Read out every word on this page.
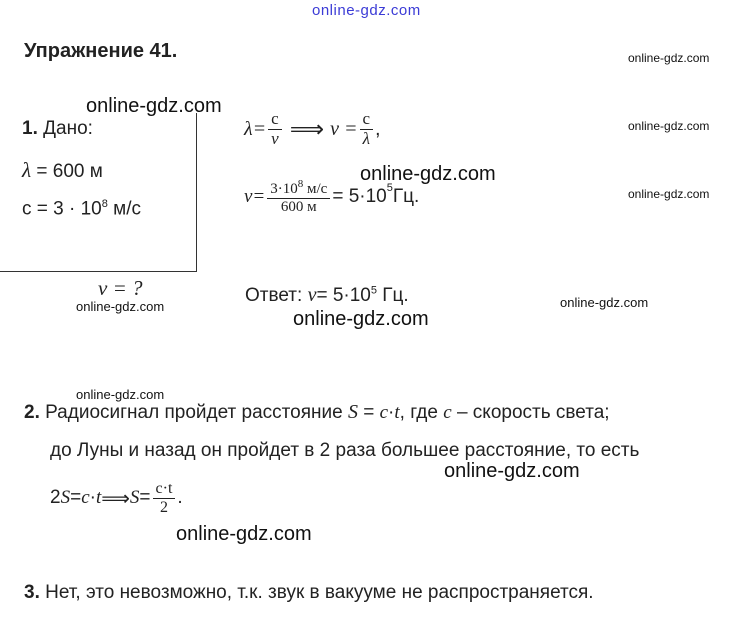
online-gdz.com
online-gdz.com
online-gdz.com
online-gdz.com
online-gdz.com
online-gdz.com
online-gdz.com	online-gdz.com
online-gdz.com
online-gdz.com
online-gdz.com
online-gdz.com
Упражнение 41.
1. Дано:
λ = 600 м
$c = 3 \cdot 10^8$ м/с
ν = ?
$\lambda= \frac{c}{\nu}$ ⟹ $\nu = \frac{c}{\lambda}$ ,
$\nu= \frac{3\cdot 10^8 м/с}{600 м} = 5\cdot 10^5$ Гц.
Ответ: $\nu= 5\cdot 10^5$ Гц.
2. Радиосигнал пройдет расстояние S = c·t, где c – скорость света;
до Луны и назад он пройдет в 2 раза большее расстояние, то есть
2 S = c · t ⟹ $S = \frac{c\cdot t}{2}$ .
3. Нет, это невозможно, т.к. звук в вакууме не распространяется.
